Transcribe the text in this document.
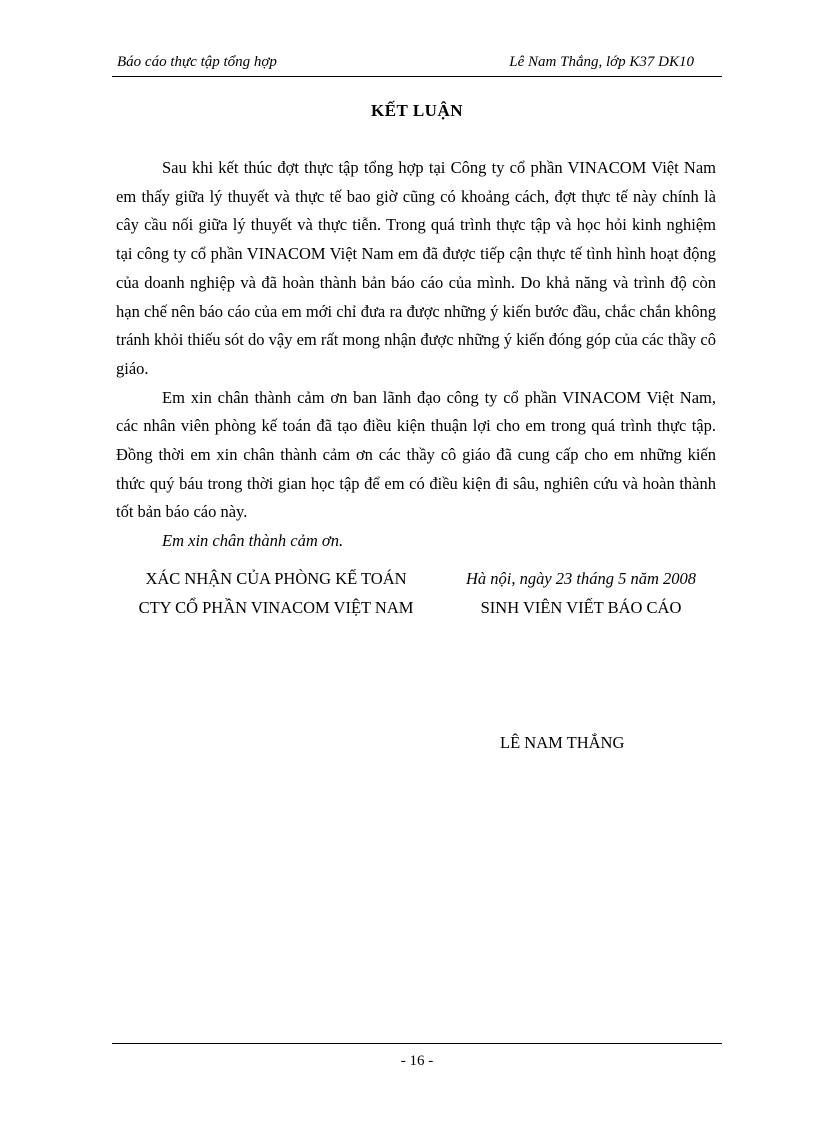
Báo cáo thực tập tổng hợp	Lê Nam Thắng, lớp K37 DK10
KẾT LUẬN

Sau khi kết thúc đợt thực tập tổng hợp tại Công ty cổ phần VINACOM Việt Nam em thấy giữa lý thuyết và thực tế bao giờ cũng có khoảng cách, đợt thực tế này chính là cây cầu nối giữa lý thuyết và thực tiễn. Trong quá trình thực tập và học hỏi kinh nghiệm tại công ty cổ phần VINACOM Việt Nam em đã được tiếp cận thực tế tình hình hoạt động của doanh nghiệp và đã hoàn thành bản báo cáo của mình. Do khả năng và trình độ còn hạn chế nên báo cáo của em mới chỉ đưa ra được những ý kiến bước đầu, chắc chắn không tránh khỏi thiếu sót do vậy em rất mong nhận được những ý kiến đóng góp của các thầy cô giáo.

Em xin chân thành cảm ơn ban lãnh đạo công ty cổ phần VINACOM Việt Nam, các nhân viên phòng kế toán đã tạo điều kiện thuận lợi cho em trong quá trình thực tập. Đồng thời em xin chân thành cảm ơn các thầy cô giáo đã cung cấp cho em những kiến thức quý báu trong thời gian học tập để em có điều kiện đi sâu, nghiên cứu và hoàn thành tốt bản báo cáo này.

Em xin chân thành cảm ơn.

XÁC NHẬN CỦA PHÒNG KẾ TOÁN
CTY CỔ PHẦN VINACOM VIỆT NAM
Hà nội, ngày 23 tháng 5 năm 2008
SINH VIÊN VIẾT BÁO CÁO
LÊ NAM THẮNG
- 16 -
